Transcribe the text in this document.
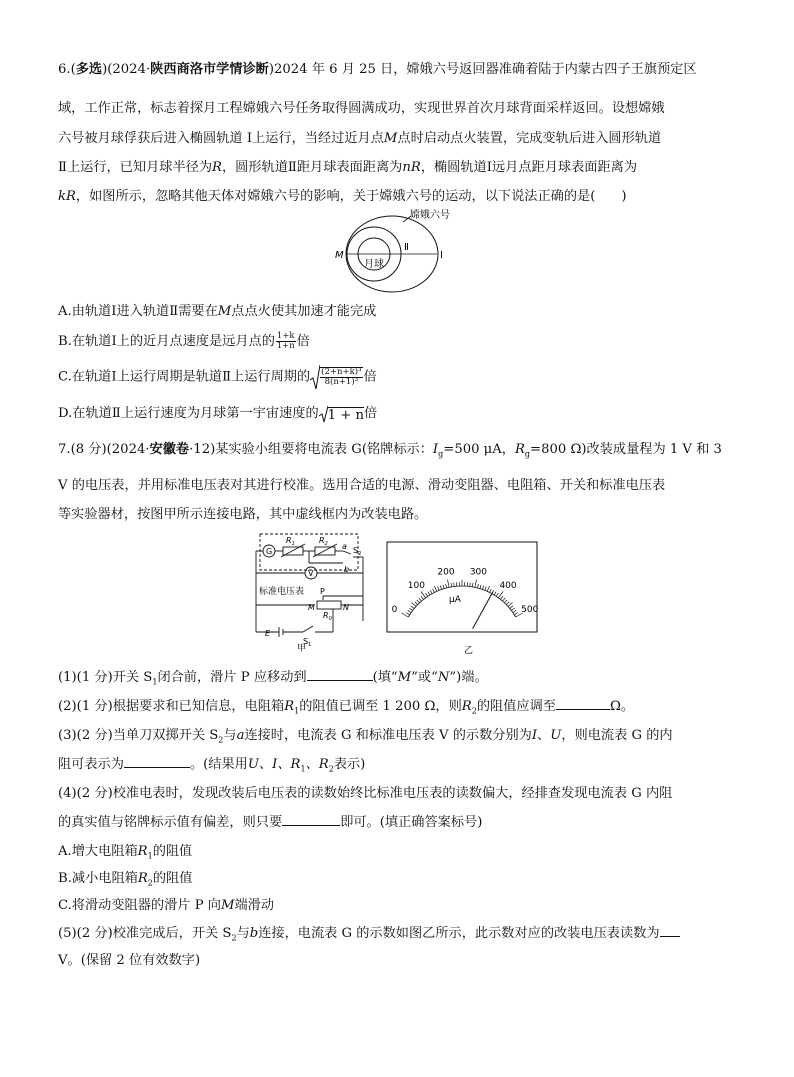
6.(多选)(2024·陕西商洛市学情诊断)2024 年 6 月 25 日，嫦娥六号返回器准确着陆于内蒙古四子王旗预定区
域，工作正常，标志着探月工程嫦娥六号任务取得圆满成功，实现世界首次月球背面采样返回。设想嫦娥
六号被月球俘获后进入椭圆轨道 Ⅰ上运行，当经过近月点M点时启动点火装置，完成变轨后进入圆形轨道
Ⅱ上运行，已知月球半径为R，圆形轨道Ⅱ距月球表面距离为nR，椭圆轨道Ⅰ远月点距月球表面距离为
kR，如图所示，忽略其他天体对嫦娥六号的影响，关于嫦娥六号的运动，以下说法正确的是( )
嫦娥六号
M
Ⅱ
Ⅰ
月球
A.由轨道Ⅰ进入轨道Ⅱ需要在M点点火使其加速才能完成
B.在轨道Ⅰ上的近月点速度是远月点的 $\frac{1+k}{1+n}$ 倍
C.在轨道Ⅰ上运行周期是轨道Ⅱ上运行周期的 $\frac{\text{(2+n+k)³}}{\text{8(n+1)³}}$ 倍
D.在轨道Ⅱ上运行速度为月球第一宇宙速度的 1 + n倍
7.(8 分)(2024·安徽卷·12)某实验小组要将电流表 G(铭牌标示：$I_g=500$ μA，$R_g=800$ Ω)改装成量程为 1 V 和 3
V 的电压表，并用标准电压表对其进行校准。选用合适的电源、滑动变阻器、电阻箱、开关和标准电压表
等实验器材，按图甲所示连接电路，其中虚线框内为改装电路。
G
$R_1$	$R_2$ a $S_2$
b
V
标准电压表 P
M	N
$R_0$
E
$S_1$
甲
0
100
200 300
400
500
μA
乙
(1)(1 分)开关 $S_1$闭合前，滑片 P 应移动到	(填“M”或“N”)端。
(2)(1 分)根据要求和已知信息，电阻箱$R_1$的阻值已调至 1 200 Ω，则$R_2$的阻值应调至	Ω。
(3)(2 分)当单刀双掷开关 $S_2$与a连接时，电流表 G 和标准电压表 V 的示数分别为I、U，则电流表 G 的内
阻可表示为	。(结果用U、I、$R_1$、$R_2$表示)
(4)(2 分)校准电表时，发现改装后电压表的读数始终比标准电压表的读数偏大，经排查发现电流表 G 内阻
的真实值与铭牌标示值有偏差，则只要	即可。(填正确答案标号)
A.增大电阻箱$R_1$的阻值
B.减小电阻箱$R_2$的阻值
C.将滑动变阻器的滑片 P 向M端滑动
(5)(2 分)校准完成后，开关 $S_2$与b连接，电流表 G 的示数如图乙所示，此示数对应的改装电压表读数为
V。(保留 2 位有效数字)
